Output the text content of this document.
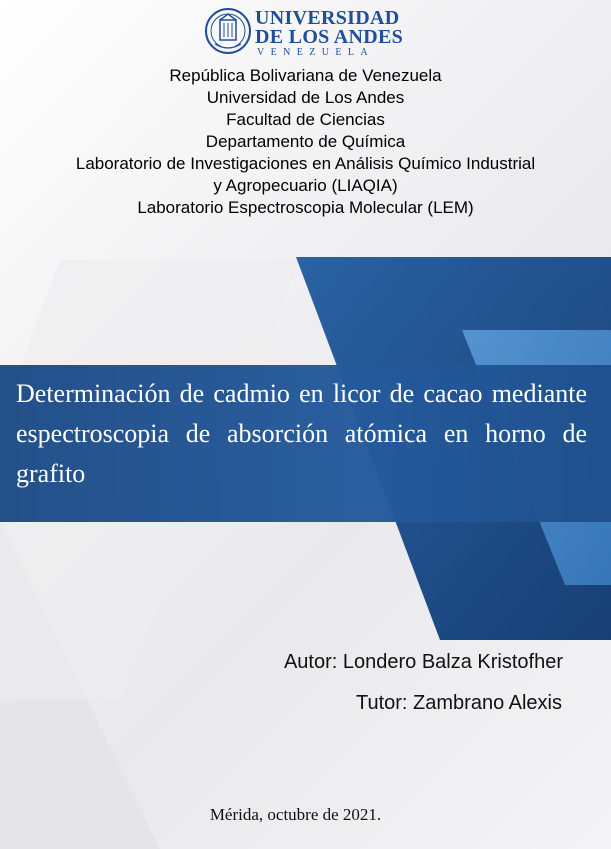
UNIVERSIDAD
DE LOS ANDES
VENEZUELA
República Bolivariana de Venezuela
Universidad de Los Andes
Facultad de Ciencias
Departamento de Química
Laboratorio de Investigaciones en Análisis Químico Industrial
y Agropecuario (LIAQIA)
Laboratorio Espectroscopia Molecular (LEM)
Determinación de cadmio en licor de cacao mediante espectroscopia de absorción atómica en horno de grafito
Autor: Londero Balza Kristofher
Tutor: Zambrano Alexis
Mérida, octubre de 2021.
